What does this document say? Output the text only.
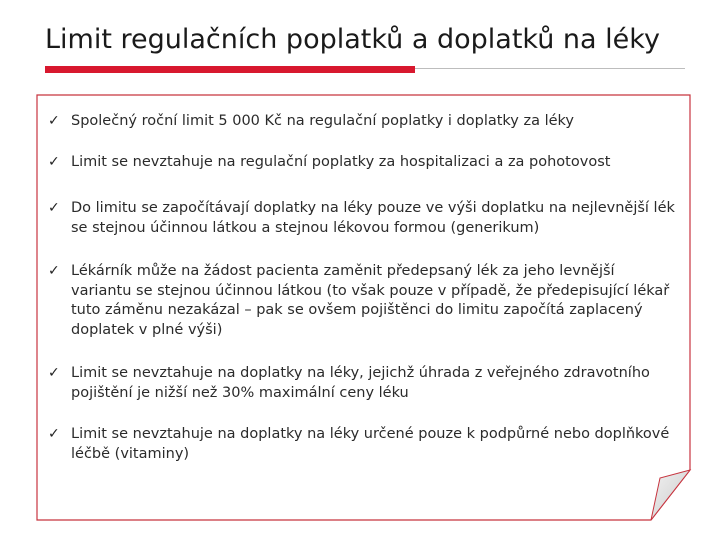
Limit regulačních poplatků a doplatků na léky
✓ Společný roční limit 5 000 Kč na regulační poplatky i doplatky za léky
✓ Limit se nevztahuje na regulační poplatky za hospitalizaci a za pohotovost
✓ Do limitu se započítávají doplatky na léky pouze ve výši doplatku na nejlevnější lék se stejnou účinnou látkou a stejnou lékovou formou (generikum)
✓ Lékárník může na žádost pacienta zaměnit předepsaný lék za jeho levnější variantu se stejnou účinnou látkou (to však pouze v případě, že předepisující lékař tuto záměnu nezakázal – pak se ovšem pojištěnci do limitu započítá zaplacený doplatek v plné výši)
✓ Limit se nevztahuje na doplatky na léky, jejichž úhrada z veřejného zdravotního pojištění je nižší než 30% maximální ceny léku
✓ Limit se nevztahuje na doplatky na léky určené pouze k podpůrné nebo doplňkové léčbě (vitaminy)
